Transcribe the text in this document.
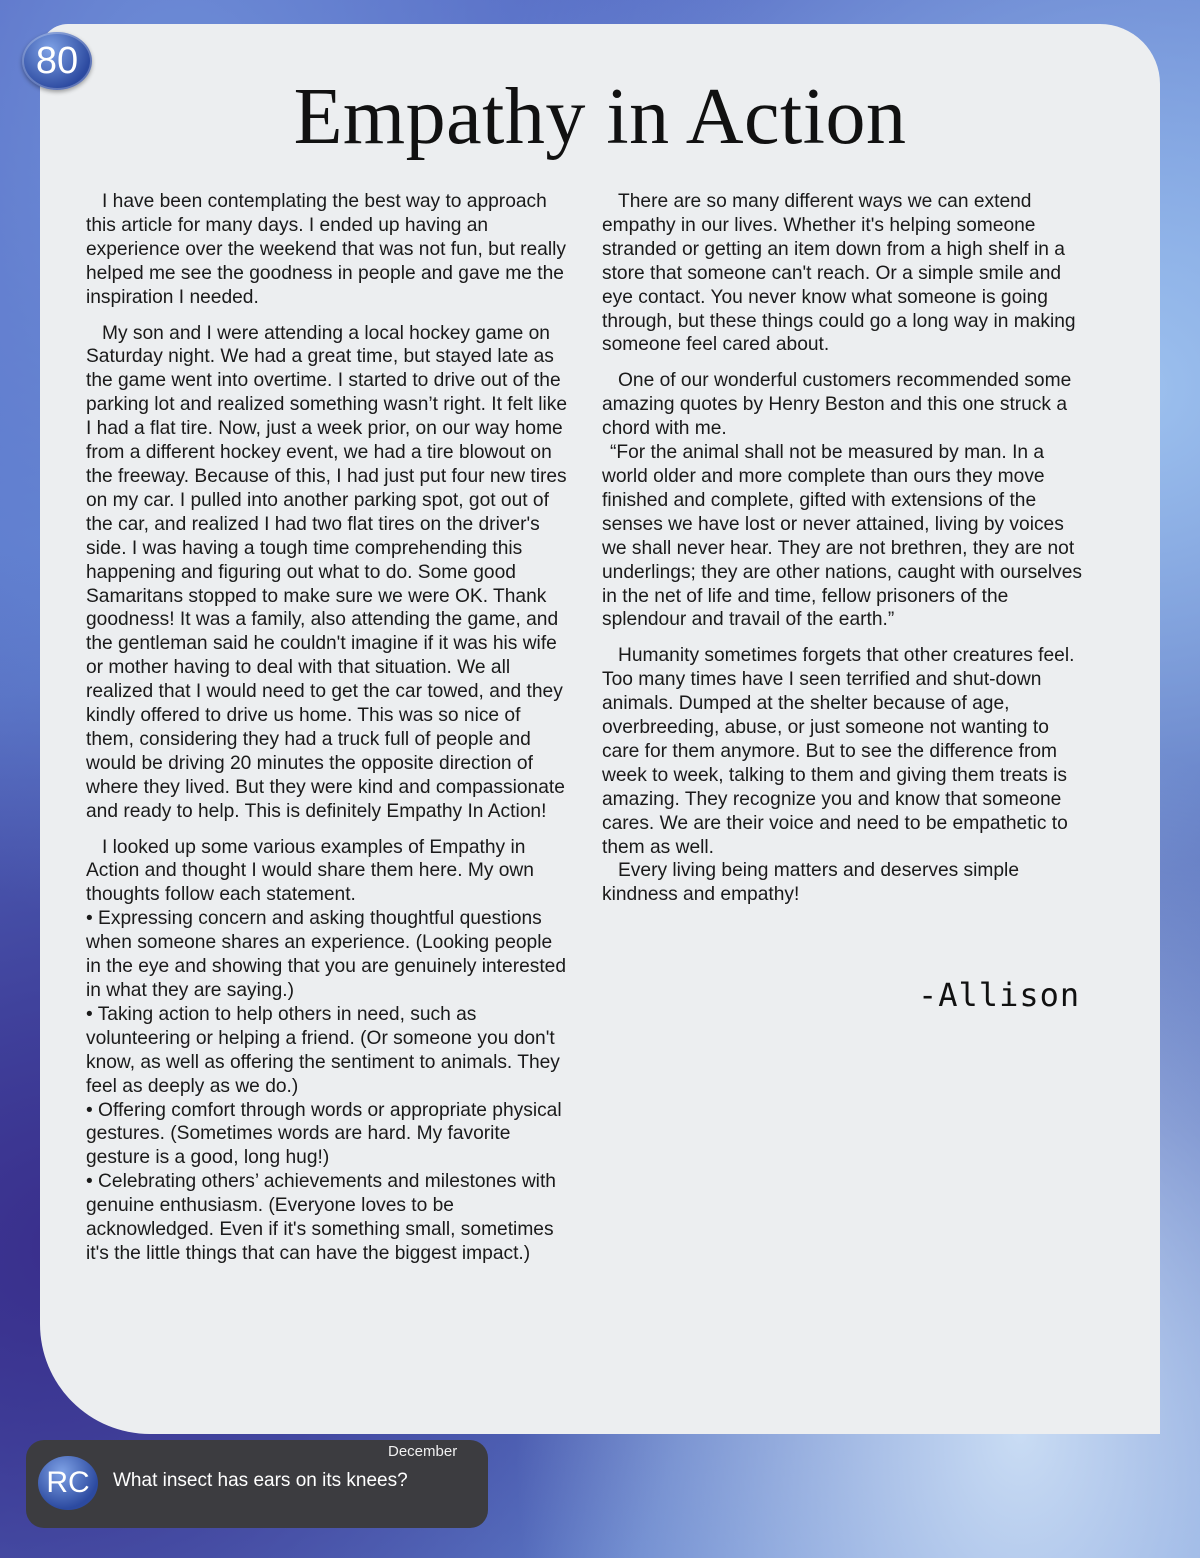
80
Empathy in Action

I have been contemplating the best way to approach this article for many days. I ended up having an experience over the weekend that was not fun, but really helped me see the goodness in people and gave me the inspiration I needed.

My son and I were attending a local hockey game on Saturday night. We had a great time, but stayed late as the game went into overtime. I started to drive out of the parking lot and realized something wasn’t right. It felt like I had a flat tire. Now, just a week prior, on our way home from a different hockey event, we had a tire blowout on the freeway. Because of this, I had just put four new tires on my car. I pulled into another parking spot, got out of the car, and realized I had two flat tires on the driver's side. I was having a tough time comprehending this happening and figuring out what to do. Some good Samaritans stopped to make sure we were OK. Thank goodness! It was a family, also attending the game, and the gentleman said he couldn't imagine if it was his wife or mother having to deal with that situation. We all realized that I would need to get the car towed, and they kindly offered to drive us home. This was so nice of them, considering they had a truck full of people and would be driving 20 minutes the opposite direction of where they lived. But they were kind and compassionate and ready to help. This is definitely Empathy In Action!

I looked up some various examples of Empathy in Action and thought I would share them here. My own thoughts follow each statement.

• Expressing concern and asking thoughtful questions when someone shares an experience. (Looking people in the eye and showing that you are genuinely interested in what they are saying.)
• Taking action to help others in need, such as volunteering or helping a friend. (Or someone you don't know, as well as offering the sentiment to animals. They feel as deeply as we do.)
• Offering comfort through words or appropriate physical gestures. (Sometimes words are hard. My favorite gesture is a good, long hug!)
• Celebrating others’ achievements and milestones with genuine enthusiasm. (Everyone loves to be acknowledged. Even if it's something small, sometimes it's the little things that can have the biggest impact.)

There are so many different ways we can extend empathy in our lives. Whether it's helping someone stranded or getting an item down from a high shelf in a store that someone can't reach. Or a simple smile and eye contact. You never know what someone is going through, but these things could go a long way in making someone feel cared about.

One of our wonderful customers recommended some amazing quotes by Henry Beston and this one struck a chord with me.

“For the animal shall not be measured by man. In a world older and more complete than ours they move finished and complete, gifted with extensions of the senses we have lost or never attained, living by voices we shall never hear. They are not brethren, they are not underlings; they are other nations, caught with ourselves in the net of life and time, fellow prisoners of the splendour and travail of the earth.”

Humanity sometimes forgets that other creatures feel. Too many times have I seen terrified and shut-down animals. Dumped at the shelter because of age, overbreeding, abuse, or just someone not wanting to care for them anymore. But to see the difference from week to week, talking to them and giving them treats is amazing. They recognize you and know that someone cares. We are their voice and need to be empathetic to them as well.

Every living being matters and deserves simple kindness and empathy!

-Allison
December
RC What insect has ears on its knees?
